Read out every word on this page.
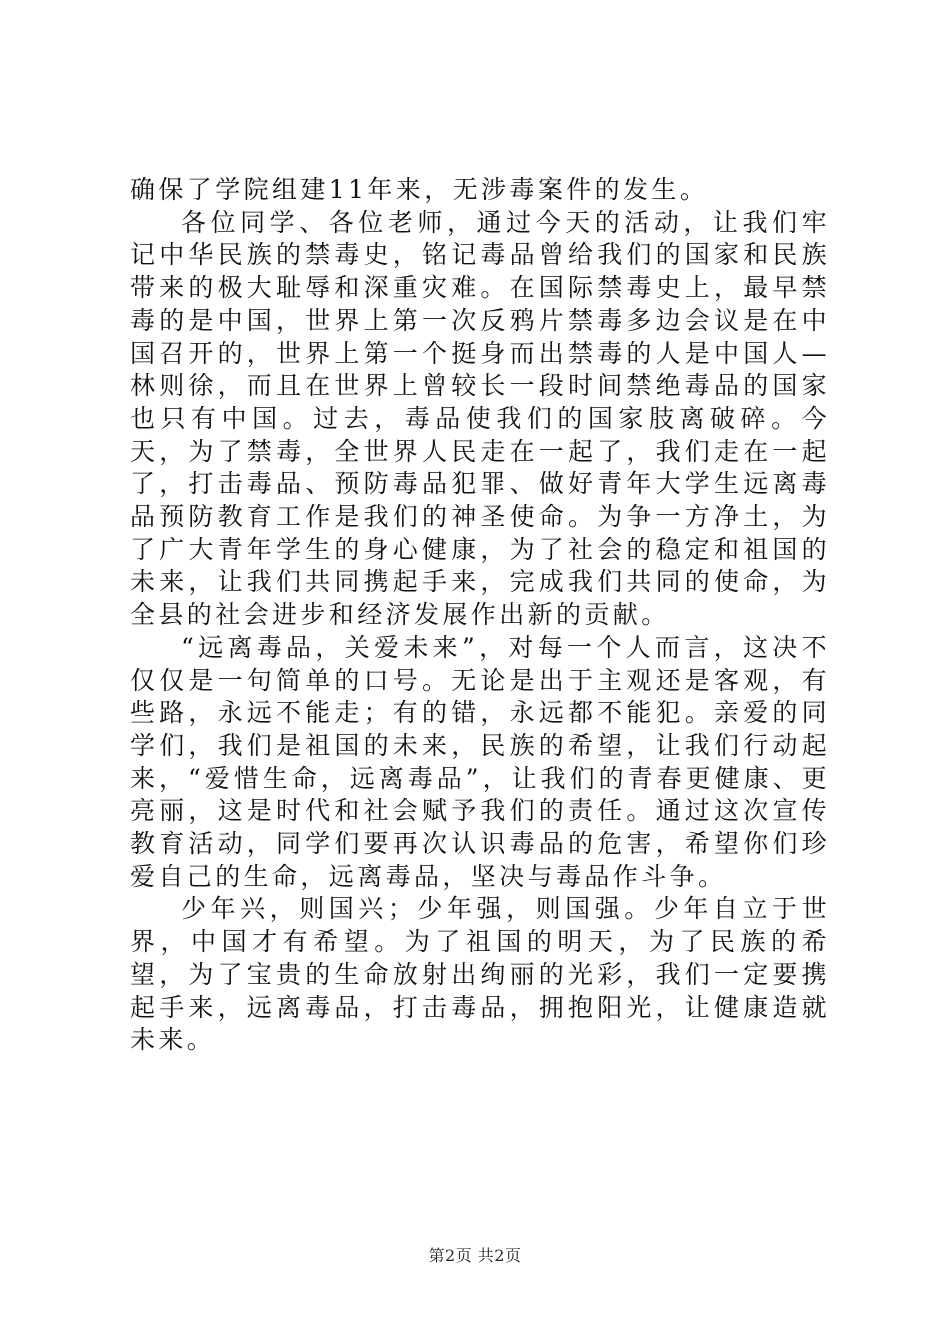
确保了学院组建11年来，无涉毒案件的发生。

各位同学、各位老师，通过今天的活动，让我们牢记中华民族的禁毒史，铭记毒品曾给我们的国家和民族带来的极大耻辱和深重灾难。在国际禁毒史上，最早禁毒的是中国，世界上第一次反鸦片禁毒多边会议是在中国召开的，世界上第一个挺身而出禁毒的人是中国人—林则徐，而且在世界上曾较长一段时间禁绝毒品的国家也只有中国。过去，毒品使我们的国家肢离破碎。今天，为了禁毒，全世界人民走在一起了，我们走在一起了，打击毒品、预防毒品犯罪、做好青年大学生远离毒品预防教育工作是我们的神圣使命。为争一方净土，为了广大青年学生的身心健康，为了社会的稳定和祖国的未来，让我们共同携起手来，完成我们共同的使命，为全县的社会进步和经济发展作出新的贡献。

“远离毒品，关爱未来”，对每一个人而言，这决不仅仅是一句简单的口号。无论是出于主观还是客观，有些路，永远不能走；有的错，永远都不能犯。亲爱的同学们，我们是祖国的未来，民族的希望，让我们行动起来，“爱惜生命，远离毒品”，让我们的青春更健康、更亮丽，这是时代和社会赋予我们的责任。通过这次宣传教育活动，同学们要再次认识毒品的危害，希望你们珍爱自己的生命，远离毒品，坚决与毒品作斗争。

少年兴，则国兴；少年强，则国强。少年自立于世界，中国才有希望。为了祖国的明天，为了民族的希望，为了宝贵的生命放射出绚丽的光彩，我们一定要携起手来，远离毒品，打击毒品，拥抱阳光，让健康造就未来。

第2页 共2页
